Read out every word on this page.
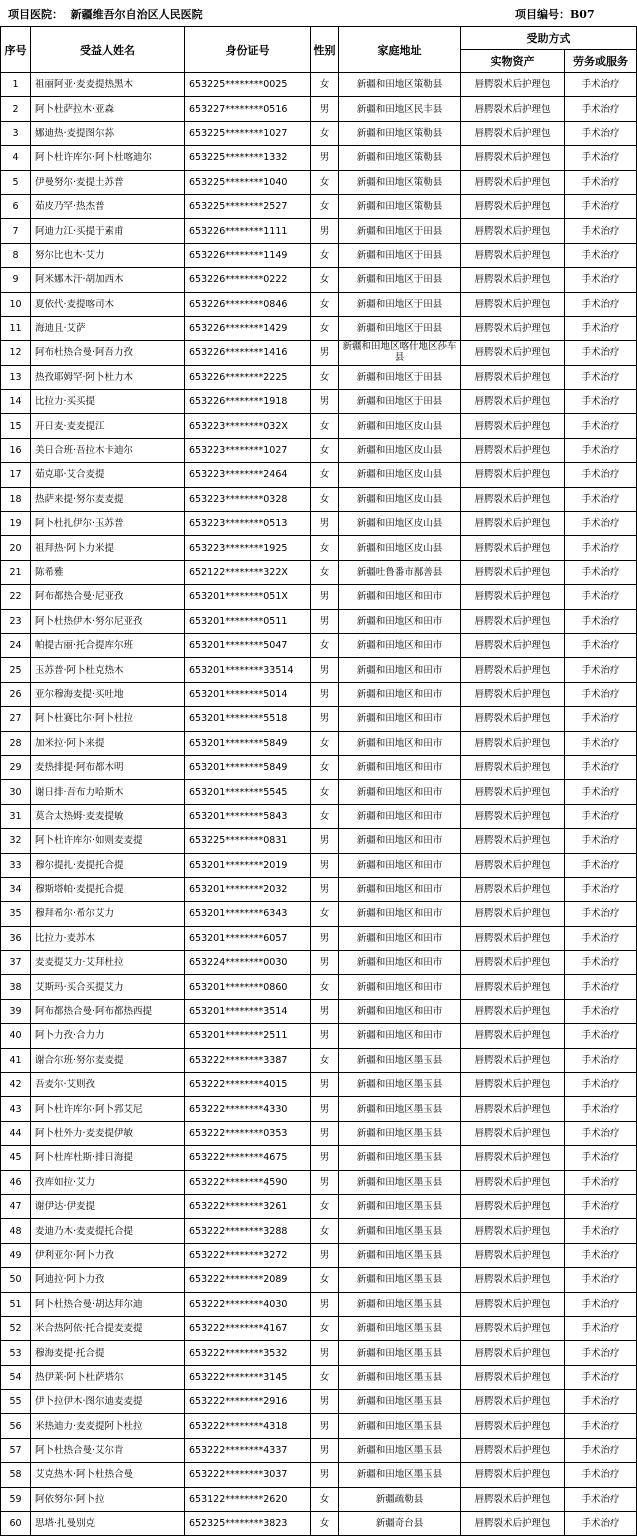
项目医院： 新疆维吾尔自治区人民医院	项目编号：B07
序号	受益人姓名	身份证号	性别	家庭地址	受助方式	
					实物资产	劳务或服务
1	祖丽阿亚·麦麦提热黑木	653225********0025	女	新疆和田地区策勒县	唇腭裂术后护理包	手术治疗
2	阿卜杜萨拉木·亚森	653227********0516	男	新疆和田地区民丰县	唇腭裂术后护理包	手术治疗
3	娜迪热·麦提图尔荪	653225********1027	女	新疆和田地区策勒县	唇腭裂术后护理包	手术治疗
4	阿卜杜许库尔·阿卜杜喀迪尔	653225********1332	男	新疆和田地区策勒县	唇腭裂术后护理包	手术治疗
5	伊曼努尔·麦提土苏普	653225********1040	女	新疆和田地区策勒县	唇腭裂术后护理包	手术治疗
6	茹皮乃罕·热杰普	653225********2527	女	新疆和田地区策勒县	唇腭裂术后护理包	手术治疗
7	阿迪力江·买提于素甫	653226********1111	男	新疆和田地区于田县	唇腭裂术后护理包	手术治疗
8	努尔比也木·艾力	653226********1149	女	新疆和田地区于田县	唇腭裂术后护理包	手术治疗
9	阿米娜木汗·胡加西木	653226********0222	女	新疆和田地区于田县	唇腭裂术后护理包	手术治疗
10	夏依代·麦提喀司木	653226********0846	女	新疆和田地区于田县	唇腭裂术后护理包	手术治疗
11	海迪且·艾萨	653226********1429	女	新疆和田地区于田县	唇腭裂术后护理包	手术治疗
12	阿布杜热合曼·阿吾力孜	653226********1416	男	新疆和田地区喀什地区莎车县	唇腭裂术后护理包	手术治疗
13	热孜耶姆罕·阿卜杜力木	653226********2225	女	新疆和田地区于田县	唇腭裂术后护理包	手术治疗
14	比拉力·买买提	653226********1918	男	新疆和田地区于田县	唇腭裂术后护理包	手术治疗
15	开日麦·麦麦提江	653223********032X	女	新疆和田地区皮山县	唇腭裂术后护理包	手术治疗
16	美日合班·吾拉木卡迪尔	653223********1027	女	新疆和田地区皮山县	唇腭裂术后护理包	手术治疗
17	茹克耶·艾合麦提	653223********2464	女	新疆和田地区皮山县	唇腭裂术后护理包	手术治疗
18	热萨来提·努尔麦麦提	653223********0328	女	新疆和田地区皮山县	唇腭裂术后护理包	手术治疗
19	阿卜杜扎伊尔·玉苏普	653223********0513	男	新疆和田地区皮山县	唇腭裂术后护理包	手术治疗
20	祖拜热·阿卜力米提	653223********1925	女	新疆和田地区皮山县	唇腭裂术后护理包	手术治疗
21	陈希雅	652122********322X	女	新疆吐鲁番市鄯善县	唇腭裂术后护理包	手术治疗
22	阿布都热合曼·尼亚孜	653201********051X	男	新疆和田地区和田市	唇腭裂术后护理包	手术治疗
23	阿卜杜热伊木·努尔尼亚孜	653201********0511	男	新疆和田地区和田市	唇腭裂术后护理包	手术治疗
24	帕提古丽·托合提库尔班	653201********5047	女	新疆和田地区和田市	唇腭裂术后护理包	手术治疗
25	玉苏普·阿卜杜克热木	653201********33514	男	新疆和田地区和田市	唇腭裂术后护理包	手术治疗
26	亚尔穆海麦提·买吐地	653201********5014	男	新疆和田地区和田市	唇腭裂术后护理包	手术治疗
27	阿卜杜赛比尔·阿卜杜拉	653201********5518	男	新疆和田地区和田市	唇腭裂术后护理包	手术治疗
28	加米拉·阿卜来提	653201********5849	女	新疆和田地区和田市	唇腭裂术后护理包	手术治疗
29	麦热排提·阿布都木明	653201********5849	女	新疆和田地区和田市	唇腭裂术后护理包	手术治疗
30	谢日排·吾布力哈斯木	653201********5545	女	新疆和田地区和田市	唇腭裂术后护理包	手术治疗
31	莫合太热姆·麦麦提敏	653201********5843	女	新疆和田地区和田市	唇腭裂术后护理包	手术治疗
32	阿卜杜许库尔·如则麦麦提	653225********0831	男	新疆和田地区和田市	唇腭裂术后护理包	手术治疗
33	穆尔提扎·麦提托合提	653201********2019	男	新疆和田地区和田市	唇腭裂术后护理包	手术治疗
34	穆斯塔帕·麦提托合提	653201********2032	男	新疆和田地区和田市	唇腭裂术后护理包	手术治疗
35	穆拜希尔·希尔艾力	653201********6343	女	新疆和田地区和田市	唇腭裂术后护理包	手术治疗
36	比拉力·麦苏木	653201********6057	男	新疆和田地区和田市	唇腭裂术后护理包	手术治疗
37	麦麦提艾力·艾拜杜拉	653224********0030	男	新疆和田地区和田市	唇腭裂术后护理包	手术治疗
38	艾斯玛·买合买提艾力	653201********0860	女	新疆和田地区和田市	唇腭裂术后护理包	手术治疗
39	阿布都热合曼·阿布都热西提	653201********3514	男	新疆和田地区和田市	唇腭裂术后护理包	手术治疗
40	阿卜力孜·合力力	653201********2511	男	新疆和田地区和田市	唇腭裂术后护理包	手术治疗
41	谢合尔班·努尔麦麦提	653222********3387	女	新疆和田地区墨玉县	唇腭裂术后护理包	手术治疗
42	吾麦尔·艾则孜	653222********4015	男	新疆和田地区墨玉县	唇腭裂术后护理包	手术治疗
43	阿卜杜许库尔·阿卜郛艾尼	653222********4330	男	新疆和田地区墨玉县	唇腭裂术后护理包	手术治疗
44	阿卜杜外力·麦麦提伊敏	653222********0353	男	新疆和田地区墨玉县	唇腭裂术后护理包	手术治疗
45	阿卜杜库杜斯·排日海提	653222********4675	男	新疆和田地区墨玉县	唇腭裂术后护理包	手术治疗
46	孜库如拉·艾力	653222********4590	男	新疆和田地区墨玉县	唇腭裂术后护理包	手术治疗
47	谢伊达·伊麦提	653222********3261	女	新疆和田地区墨玉县	唇腭裂术后护理包	手术治疗
48	麦迪乃木·麦麦提托合提	653222********3288	女	新疆和田地区墨玉县	唇腭裂术后护理包	手术治疗
49	伊利亚尔·阿卜力孜	653222********3272	男	新疆和田地区墨玉县	唇腭裂术后护理包	手术治疗
50	阿迪拉·阿卜力孜	653222********2089	女	新疆和田地区墨玉县	唇腭裂术后护理包	手术治疗
51	阿卜杜热合曼·胡达拜尔迪	653222********4030	男	新疆和田地区墨玉县	唇腭裂术后护理包	手术治疗
52	米合热阿依·托合提麦麦提	653222********4167	女	新疆和田地区墨玉县	唇腭裂术后护理包	手术治疗
53	穆海麦提·托合提	653222********3532	男	新疆和田地区墨玉县	唇腭裂术后护理包	手术治疗
54	热伊莱·阿卜杜萨塔尔	653222********3145	女	新疆和田地区墨玉县	唇腭裂术后护理包	手术治疗
55	伊卜拉伊木·图尔迪麦麦提	653222********2916	男	新疆和田地区墨玉县	唇腭裂术后护理包	手术治疗
56	米热迪力·麦麦提阿卜杜拉	653222********4318	男	新疆和田地区墨玉县	唇腭裂术后护理包	手术治疗
57	阿卜杜热合曼·艾尔肯	653222********4337	男	新疆和田地区墨玉县	唇腭裂术后护理包	手术治疗
58	艾克热木·阿卜杜热合曼	653222********3037	男	新疆和田地区墨玉县	唇腭裂术后护理包	手术治疗
59	阿依努尔·阿卜拉	653122********2620	女	新疆疏勒县	唇腭裂术后护理包	手术治疗
60	思塔·扎曼别克	652325********3823	女	新疆奇台县	唇腭裂术后护理包	手术治疗
